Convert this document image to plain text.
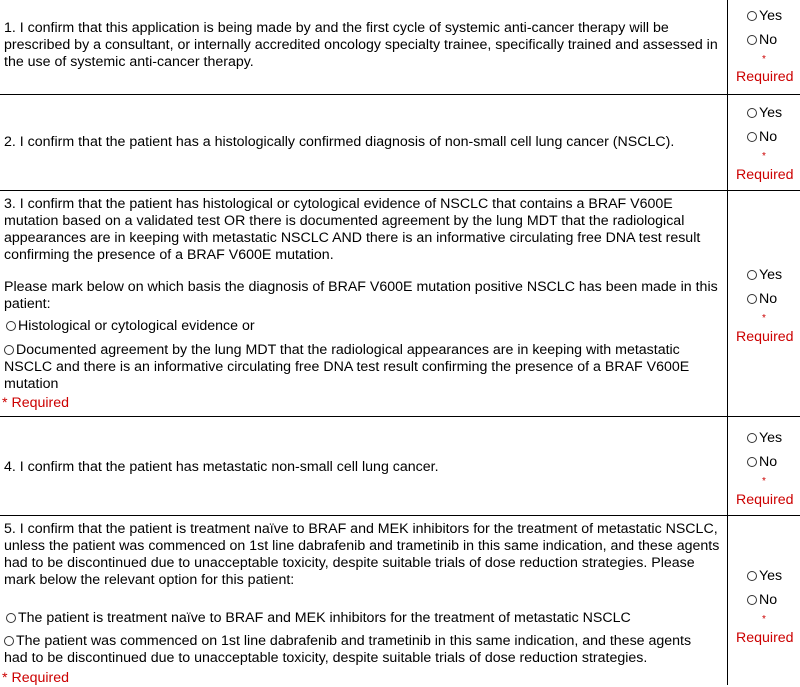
1. I confirm that this application is being made by and the first cycle of systemic anti-cancer therapy will be prescribed by a consultant, or internally accredited oncology specialty trainee, specifically trained and assessed in the use of systemic anti-cancer therapy.

Yes
No
*
Required

2. I confirm that the patient has a histologically confirmed diagnosis of non-small cell lung cancer (NSCLC).

Yes
No
*
Required

3. I confirm that the patient has histological or cytological evidence of NSCLC that contains a BRAF V600E mutation based on a validated test OR there is documented agreement by the lung MDT that the radiological appearances are in keeping with metastatic NSCLC AND there is an informative circulating free DNA test result confirming the presence of a BRAF V600E mutation.

Please mark below on which basis the diagnosis of BRAF V600E mutation positive NSCLC has been made in this patient:

Histological or cytological evidence or
Documented agreement by the lung MDT that the radiological appearances are in keeping with metastatic NSCLC and there is an informative circulating free DNA test result confirming the presence of a BRAF V600E mutation
* Required
Yes
No
*
Required

4. I confirm that the patient has metastatic non-small cell lung cancer.

Yes
No
*
Required

5. I confirm that the patient is treatment naïve to BRAF and MEK inhibitors for the treatment of metastatic NSCLC, unless the patient was commenced on 1st line dabrafenib and trametinib in this same indication, and these agents had to be discontinued due to unacceptable toxicity, despite suitable trials of dose reduction strategies. Please mark below the relevant option for this patient:

The patient is treatment naïve to BRAF and MEK inhibitors for the treatment of metastatic NSCLC
The patient was commenced on 1st line dabrafenib and trametinib in this same indication, and these agents had to be discontinued due to unacceptable toxicity, despite suitable trials of dose reduction strategies.
* Required
Yes
No
*
Required
